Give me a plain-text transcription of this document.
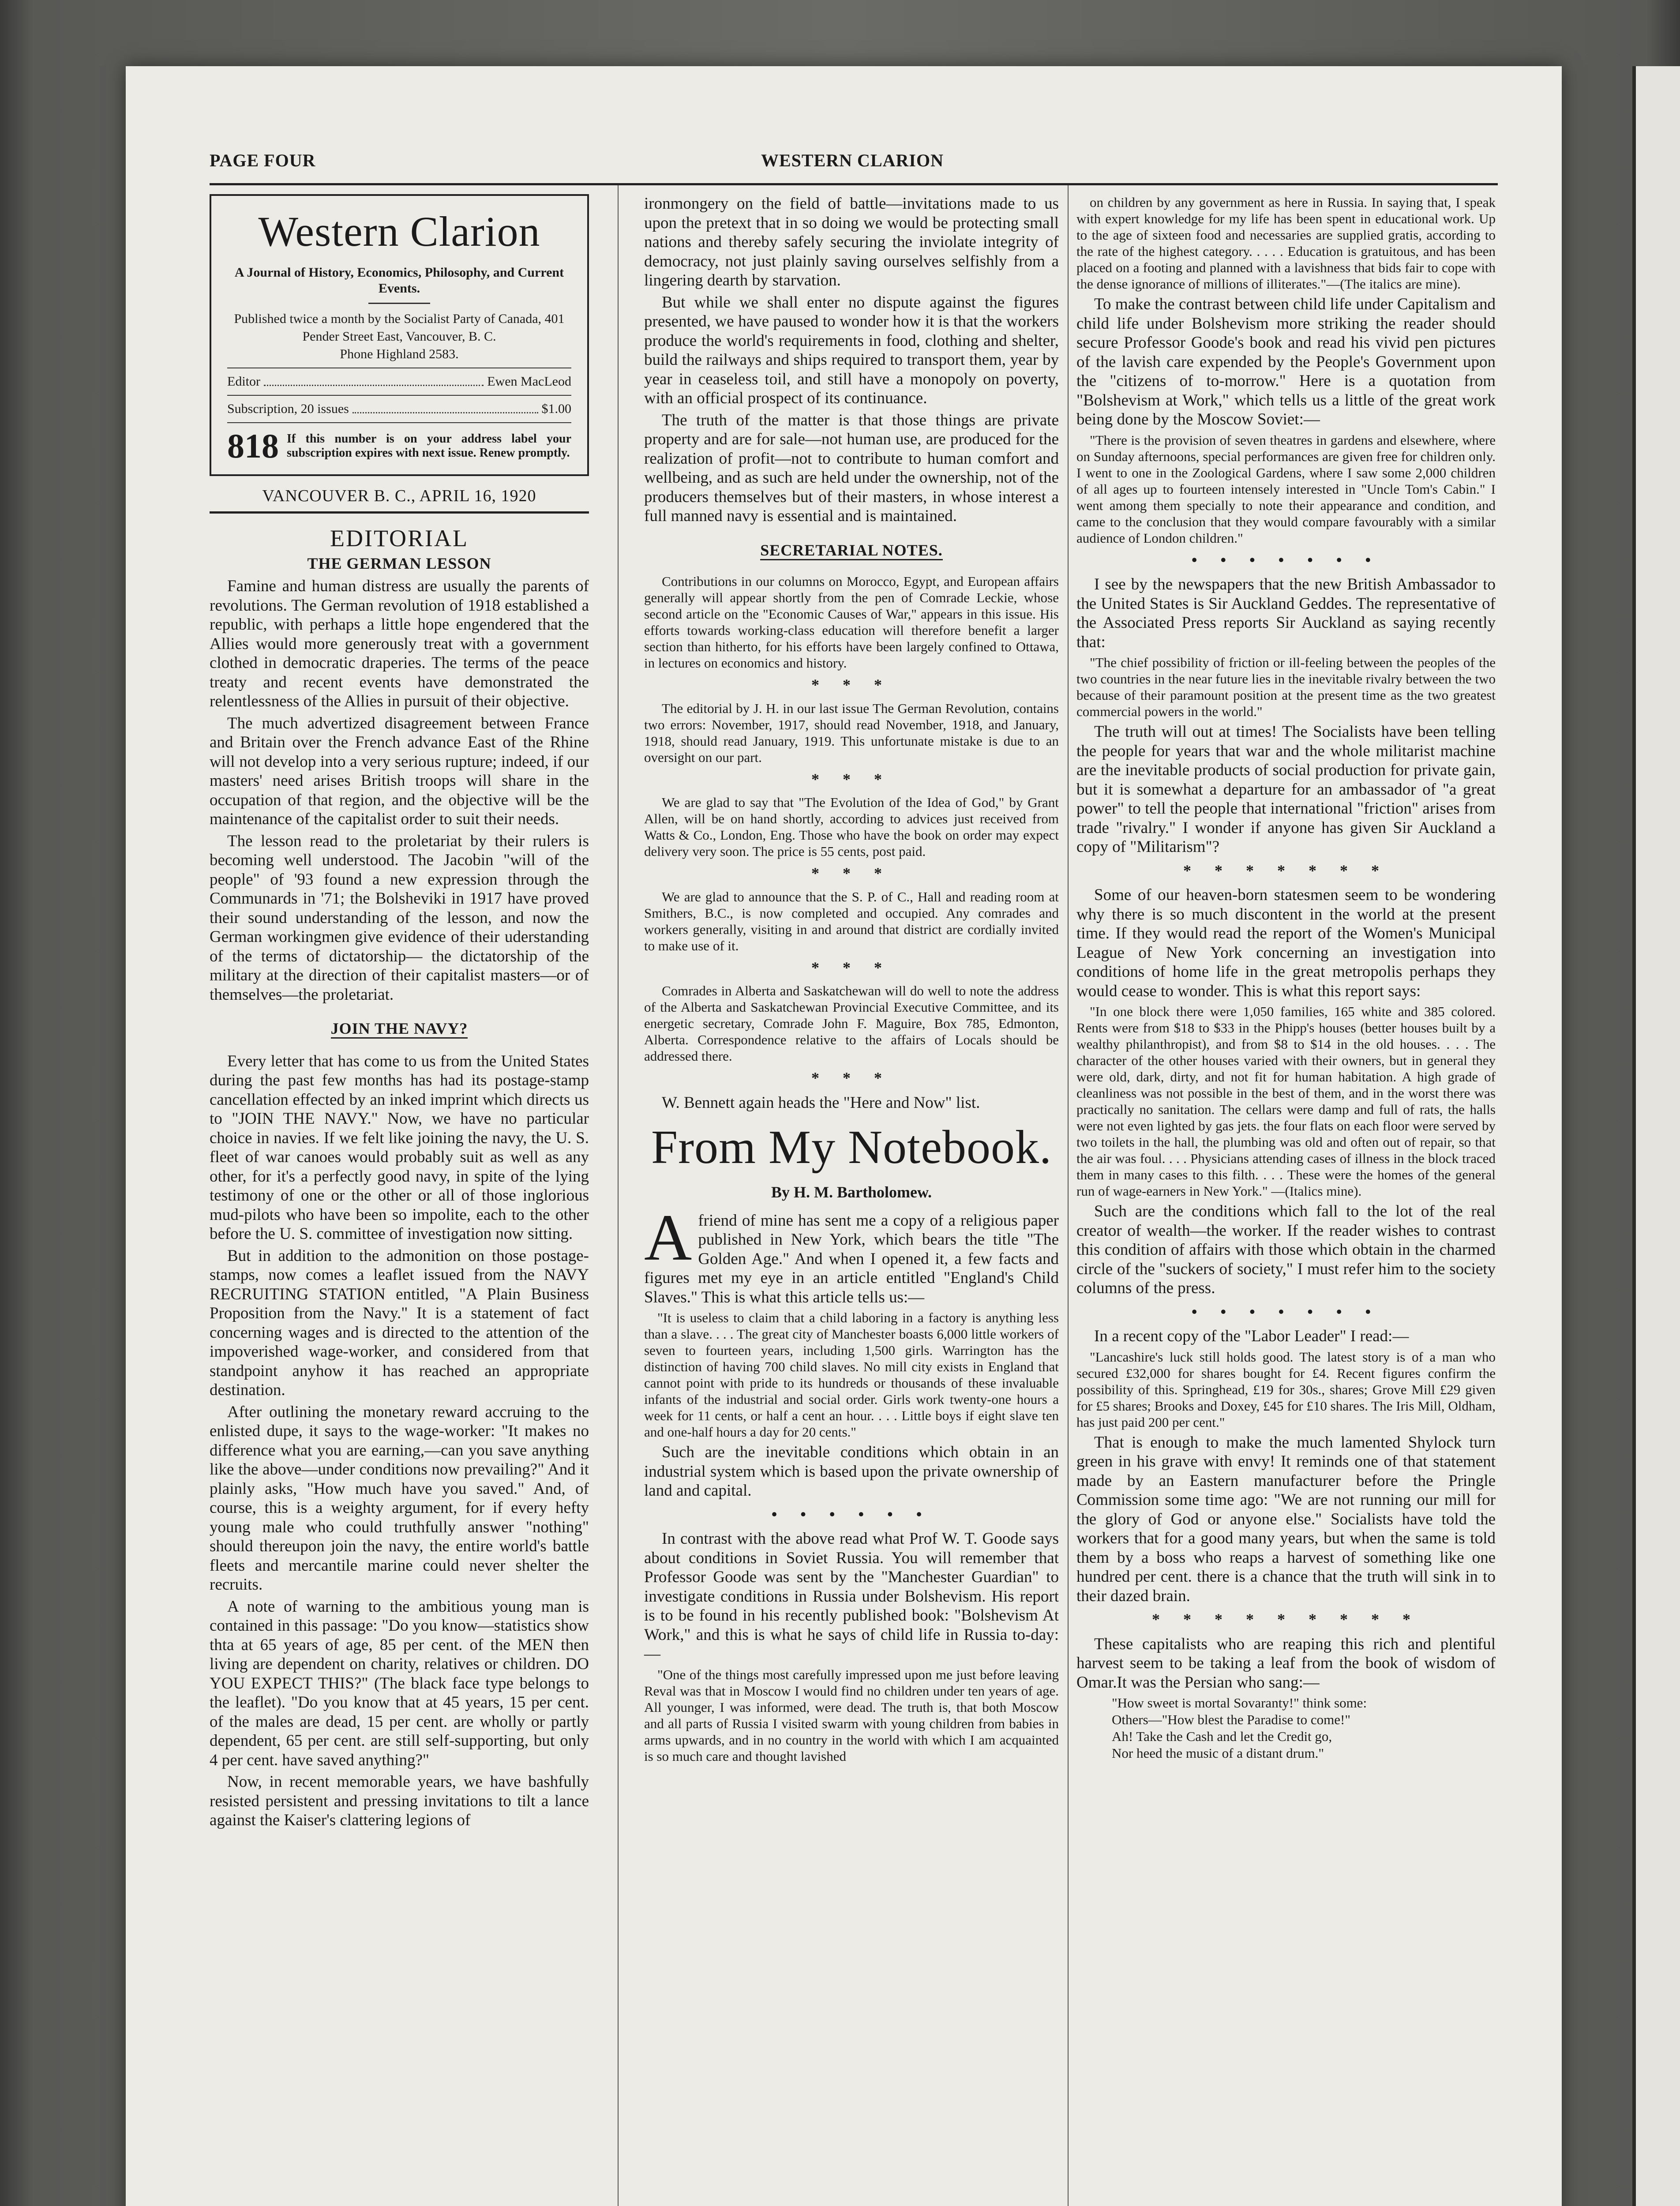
PAGE FOUR	WESTERN CLARION
Western Clarion
A Journal of History, Economics, Philosophy, and Current Events.
Published twice a month by the Socialist Party of Canada, 401 Pender Street East, Vancouver, B. C.
Phone Highland 2583.
Editor	Ewen MacLeod
Subscription, 20 issues	$1.00
818 If this number is on your address label your subscription expires with next issue. Renew promptly.
VANCOUVER B. C., APRIL 16, 1920
EDITORIAL
THE GERMAN LESSON

Famine and human distress are usually the parents of revolutions. The German revolution of 1918 established a republic, with perhaps a little hope engendered that the Allies would more generously treat with a government clothed in democratic draperies. The terms of the peace treaty and recent events have demonstrated the relentlessness of the Allies in pursuit of their objective.

The much advertized disagreement between France and Britain over the French advance East of the Rhine will not develop into a very serious rupture; indeed, if our masters' need arises British troops will share in the occupation of that region, and the objective will be the maintenance of the capitalist order to suit their needs.

The lesson read to the proletariat by their rulers is becoming well understood. The Jacobin "will of the people" of '93 found a new expression through the Communards in '71; the Bolsheviki in 1917 have proved their sound understanding of the lesson, and now the German workingmen give evidence of their uderstanding of the terms of dictatorship— the dictatorship of the military at the direction of their capitalist masters—or of themselves—the proletariat.

JOIN THE NAVY?

Every letter that has come to us from the United States during the past few months has had its postage-stamp cancellation effected by an inked imprint which directs us to "JOIN THE NAVY." Now, we have no particular choice in navies. If we felt like joining the navy, the U. S. fleet of war canoes would probably suit as well as any other, for it's a perfectly good navy, in spite of the lying testimony of one or the other or all of those inglorious mud-pilots who have been so impolite, each to the other before the U. S. committee of investigation now sitting.

But in addition to the admonition on those postage-stamps, now comes a leaflet issued from the NAVY RECRUITING STATION entitled, "A Plain Business Proposition from the Navy." It is a statement of fact concerning wages and is directed to the attention of the impoverished wage-worker, and considered from that standpoint anyhow it has reached an appropriate destination.

After outlining the monetary reward accruing to the enlisted dupe, it says to the wage-worker: "It makes no difference what you are earning,—can you save anything like the above—under conditions now prevailing?" And it plainly asks, "How much have you saved." And, of course, this is a weighty argument, for if every hefty young male who could truthfully answer "nothing" should thereupon join the navy, the entire world's battle fleets and mercantile marine could never shelter the recruits.

A note of warning to the ambitious young man is contained in this passage: "Do you know—statistics show thta at 65 years of age, 85 per cent. of the MEN then living are dependent on charity, relatives or children. DO YOU EXPECT THIS?" (The black face type belongs to the leaflet). "Do you know that at 45 years, 15 per cent. of the males are dead, 15 per cent. are wholly or partly dependent, 65 per cent. are still self-supporting, but only 4 per cent. have saved anything?"

Now, in recent memorable years, we have bashfully resisted persistent and pressing invitations to tilt a lance against the Kaiser's clattering legions of

ironmongery on the field of battle—invitations made to us upon the pretext that in so doing we would be protecting small nations and thereby safely securing the inviolate integrity of democracy, not just plainly saving ourselves selfishly from a lingering dearth by starvation.

But while we shall enter no dispute against the figures presented, we have paused to wonder how it is that the workers produce the world's requirements in food, clothing and shelter, build the railways and ships required to transport them, year by year in ceaseless toil, and still have a monopoly on poverty, with an official prospect of its continuance.

The truth of the matter is that those things are private property and are for sale—not human use, are produced for the realization of profit—not to contribute to human comfort and wellbeing, and as such are held under the ownership, not of the producers themselves but of their masters, in whose interest a full manned navy is essential and is maintained.

SECRETARIAL NOTES.

Contributions in our columns on Morocco, Egypt, and European affairs generally will appear shortly from the pen of Comrade Leckie, whose second article on the "Economic Causes of War," appears in this issue. His efforts towards working-class education will therefore benefit a larger section than hitherto, for his efforts have been largely confined to Ottawa, in lectures on economics and history.

* * *

The editorial by J. H. in our last issue The German Revolution, contains two errors: November, 1917, should read November, 1918, and January, 1918, should read January, 1919. This unfortunate mistake is due to an oversight on our part.

* * *

We are glad to say that "The Evolution of the Idea of God," by Grant Allen, will be on hand shortly, according to advices just received from Watts & Co., London, Eng. Those who have the book on order may expect delivery very soon. The price is 55 cents, post paid.

* * *

We are glad to announce that the S. P. of C., Hall and reading room at Smithers, B.C., is now completed and occupied. Any comrades and workers generally, visiting in and around that district are cordially invited to make use of it.

* * *

Comrades in Alberta and Saskatchewan will do well to note the address of the Alberta and Saskatchewan Provincial Executive Committee, and its energetic secretary, Comrade John F. Maguire, Box 785, Edmonton, Alberta. Correspondence relative to the affairs of Locals should be addressed there.

* * *

W. Bennett again heads the "Here and Now" list.

From My Notebook.
By H. M. Bartholomew.

Afriend of mine has sent me a copy of a religious paper published in New York, which bears the title "The Golden Age." And when I opened it, a few facts and figures met my eye in an article entitled "England's Child Slaves." This is what this article tells us:—

"It is useless to claim that a child laboring in a factory is anything less than a slave. . . . The great city of Manchester boasts 6,000 little workers of seven to fourteen years, including 1,500 girls. Warrington has the distinction of having 700 child slaves. No mill city exists in England that cannot point with pride to its hundreds or thousands of these invaluable infants of the industrial and social order. Girls work twenty-one hours a week for 11 cents, or half a cent an hour. . . . Little boys if eight slave ten and one-half hours a day for 20 cents."

Such are the inevitable conditions which obtain in an industrial system which is based upon the private ownership of land and capital.

• • • • • •

In contrast with the above read what Prof W. T. Goode says about conditions in Soviet Russia. You will remember that Professor Goode was sent by the "Manchester Guardian" to investigate conditions in Russia under Bolshevism. His report is to be found in his recently published book: "Bolshevism At Work," and this is what he says of child life in Russia to-day:—

"One of the things most carefully impressed upon me just before leaving Reval was that in Moscow I would find no children under ten years of age. All younger, I was informed, were dead. The truth is, that both Moscow and all parts of Russia I visited swarm with young children from babies in arms upwards, and in no country in the world with which I am acquainted is so much care and thought lavished

on children by any government as here in Russia. In saying that, I speak with expert knowledge for my life has been spent in educational work. Up to the age of sixteen food and necessaries are supplied gratis, according to the rate of the highest category. . . . . Education is gratuitous, and has been placed on a footing and planned with a lavishness that bids fair to cope with the dense ignorance of millions of illiterates."—(The italics are mine).

To make the contrast between child life under Capitalism and child life under Bolshevism more striking the reader should secure Professor Goode's book and read his vivid pen pictures of the lavish care expended by the People's Government upon the "citizens of to-morrow." Here is a quotation from "Bolshevism at Work," which tells us a little of the great work being done by the Moscow Soviet:—

"There is the provision of seven theatres in gardens and elsewhere, where on Sunday afternoons, special performances are given free for children only. I went to one in the Zoological Gardens, where I saw some 2,000 children of all ages up to fourteen intensely interested in "Uncle Tom's Cabin." I went among them specially to note their appearance and condition, and came to the conclusion that they would compare favourably with a similar audience of London children."

• • • • • • •

I see by the newspapers that the new British Ambassador to the United States is Sir Auckland Geddes. The representative of the Associated Press reports Sir Auckland as saying recently that:

"The chief possibility of friction or ill-feeling between the peoples of the two countries in the near future lies in the inevitable rivalry between the two because of their paramount position at the present time as the two greatest commercial powers in the world."

The truth will out at times! The Socialists have been telling the people for years that war and the whole militarist machine are the inevitable products of social production for private gain, but it is somewhat a departure for an ambassador of "a great power" to tell the people that international "friction" arises from trade "rivalry." I wonder if anyone has given Sir Auckland a copy of "Militarism"?

* * * * * * *

Some of our heaven-born statesmen seem to be wondering why there is so much discontent in the world at the present time. If they would read the report of the Women's Municipal League of New York concerning an investigation into conditions of home life in the great metropolis perhaps they would cease to wonder. This is what this report says:

"In one block there were 1,050 families, 165 white and 385 colored. Rents were from $18 to $33 in the Phipp's houses (better houses built by a wealthy philanthropist), and from $8 to $14 in the old houses. . . . The character of the other houses varied with their owners, but in general they were old, dark, dirty, and not fit for human habitation. A high grade of cleanliness was not possible in the best of them, and in the worst there was practically no sanitation. The cellars were damp and full of rats, the halls were not even lighted by gas jets. the four flats on each floor were served by two toilets in the hall, the plumbing was old and often out of repair, so that the air was foul. . . . Physicians attending cases of illness in the block traced them in many cases to this filth. . . . These were the homes of the general run of wage-earners in New York." —(Italics mine).

Such are the conditions which fall to the lot of the real creator of wealth—the worker. If the reader wishes to contrast this condition of affairs with those which obtain in the charmed circle of the "suckers of society," I must refer him to the society columns of the press.

• • • • • • •

In a recent copy of the "Labor Leader" I read:—

"Lancashire's luck still holds good. The latest story is of a man who secured £32,000 for shares bought for £4. Recent figures confirm the possibility of this. Springhead, £19 for 30s., shares; Grove Mill £29 given for £5 shares; Brooks and Doxey, £45 for £10 shares. The Iris Mill, Oldham, has just paid 200 per cent."

That is enough to make the much lamented Shylock turn green in his grave with envy! It reminds one of that statement made by an Eastern manufacturer before the Pringle Commission some time ago: "We are not running our mill for the glory of God or anyone else." Socialists have told the workers that for a good many years, but when the same is told them by a boss who reaps a harvest of something like one hundred per cent. there is a chance that the truth will sink in to their dazed brain.

* * * * * * * * *

These capitalists who are reaping this rich and plentiful harvest seem to be taking a leaf from the book of wisdom of Omar.It was the Persian who sang:—

"How sweet is mortal Sovaranty!" think some:
Others—"How blest the Paradise to come!"
Ah! Take the Cash and let the Credit go,
Nor heed the music of a distant drum."
